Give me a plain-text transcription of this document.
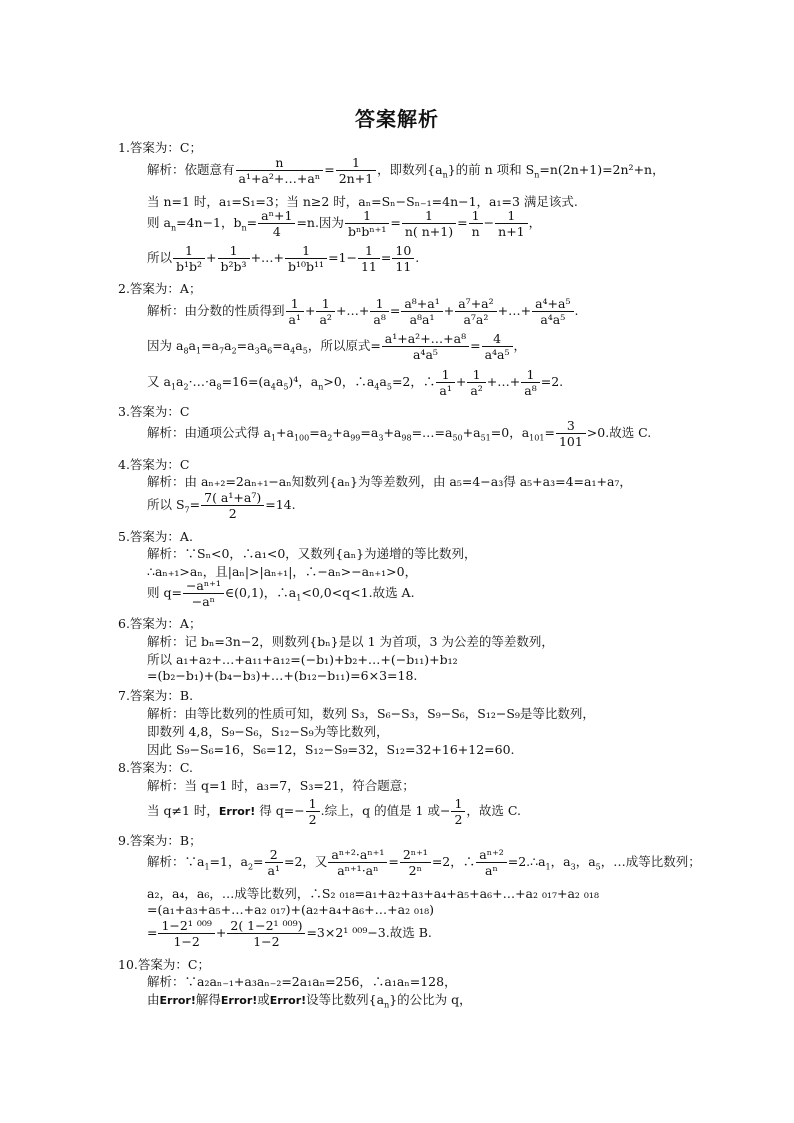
答案解析
1.答案为：C；
解析：依题意有 $\frac{n}{\text{a¹+a²+…+aⁿ}} = \frac{1}{2n+1}$ ，即数列$\{a_n\}$的前 n 项和 $S_n=n(2n+1)=2n^2+n$，
当 n=1 时，a₁=S₁=3；当 n≥2 时，aₙ=Sₙ−Sₙ₋₁=4n−1，a₁=3 满足该式.
则 $a_n=4n-1$，$b_n= \frac{\text{aⁿ+1}}{4} =n$.因为 $\frac{1}{\text{bⁿbⁿ⁺¹}} = \frac{1}{n( n+1)} = \frac{1}{n} - \frac{1}{n+1}$ ，
所以 $\frac{1}{\text{b¹b²}} + \frac{1}{\text{b²b³}}$ +…+ $\frac{1}{\text{b¹⁰b¹¹}} =1- \frac{1}{11} = \frac{10}{11}$ .
2.答案为：A；
解析：由分数的性质得到 $\frac{1}{\text{a¹}} + \frac{1}{\text{a²}}$ +…+ $\frac{1}{\text{a⁸}} = \frac{\text{a⁸+a¹}}{\text{a⁸a¹}} + \frac{\text{a⁷+a²}}{\text{a⁷a²}}$ +…+ $\frac{\text{a⁴+a⁵}}{\text{a⁴a⁵}}$ .
因为 $a_8a_1=a_7a_2=a_3a_6=a_4a_5$，所以原式= $\frac{\text{a¹+a²+…+a⁸}}{\text{a⁴a⁵}} = \frac{4}{\text{a⁴a⁵}}$ ，
又 $a_1a_2\cdot\dots\cdot a_8=16=(a_4a_5)^4$，$a_n>0$，$\therefore a_4a_5=2$，∴ $\frac{1}{\text{a¹}} + \frac{1}{\text{a²}}$ +…+ $\frac{1}{\text{a⁸}} =2$.
3.答案为：C
解析：由通项公式得 $a_1+a_{100}=a_2+a_{99}=a_3+a_{98}=\dots=a_{50}+a_{51}=0$，$a_{101}= \frac{3}{101} >0$.故选 C.
4.答案为：C
解析：由 aₙ₊₂=2aₙ₊₁−aₙ知数列{aₙ}为等差数列，由 a₅=4−a₃得 a₅+a₃=4=a₁+a₇，
所以 $S_7= \frac{\text{7( a¹+a⁷)}}{2} =14$.
5.答案为：A.
解析：∵Sₙ<0，∴a₁<0，又数列{aₙ}为递增的等比数列，
∴aₙ₊₁>aₙ，且|aₙ|>|aₙ₊₁|，∴−aₙ>−aₙ₊₁>0，
则 $q= \frac{\text{−aⁿ⁺¹}}{\text{−aⁿ}}$ ∈(0,1)，$\therefore a_1<0,0<q<1$.故选 A.
6.答案为：A；
解析：记 bₙ=3n−2，则数列{bₙ}是以 1 为首项，3 为公差的等差数列，
所以 a₁+a₂+…+a₁₁+a₁₂=(−b₁)+b₂+…+(−b₁₁)+b₁₂
=(b₂−b₁)+(b₄−b₃)+…+(b₁₂−b₁₁)=6×3=18.
7.答案为：B.
解析：由等比数列的性质可知，数列 S₃，S₆−S₃，S₉−S₆，S₁₂−S₉是等比数列，
即数列 4,8，S₉−S₆，S₁₂−S₉为等比数列，
因此 S₉−S₆=16，S₆=12，S₁₂−S₉=32，S₁₂=32+16+12=60.
8.答案为：C.
解析：当 q=1 时，a₃=7，S₃=21，符合题意；
当 q≠1 时，Error! 得 $q=- \frac{1}{2}$ .综上，q 的值是 1 或− $\frac{1}{2}$ ，故选 C.
9.答案为：B；
解析：$\because a_1=1$，$a_2= \frac{2}{\text{a¹}} =2$，又 $\frac{\text{aⁿ⁺²·aⁿ⁺¹}}{\text{aⁿ⁺¹·aⁿ}} = \frac{\text{2ⁿ⁺¹}}{\text{2ⁿ}} =2$，∴ $\frac{\text{aⁿ⁺²}}{\text{aⁿ}}$ $=2.\therefore a_1$，$a_3$，$a_5$，…成等比数列；
a₂，a₄，a₆，…成等比数列，∴S₂ ₀₁₈=a₁+a₂+a₃+a₄+a₅+a₆+…+a₂ ₀₁₇+a₂ ₀₁₈
=(a₁+a₃+a₅+…+a₂ ₀₁₇)+(a₂+a₄+a₆+…+a₂ ₀₁₈)
= $\frac{\text{1−2¹ ⁰⁰⁹}}{1-2} + \frac{\text{2( 1−2¹ ⁰⁰⁹)}}{1-2} =3\times 2^1$ ⁰⁰⁹−3.故选 B.
10.答案为：C；
解析：∵a₂aₙ₋₁+a₃aₙ₋₂=2a₁aₙ=256，∴a₁aₙ=128，
由Error!解得Error!或Error!设等比数列$\{a_n\}$的公比为 q，
